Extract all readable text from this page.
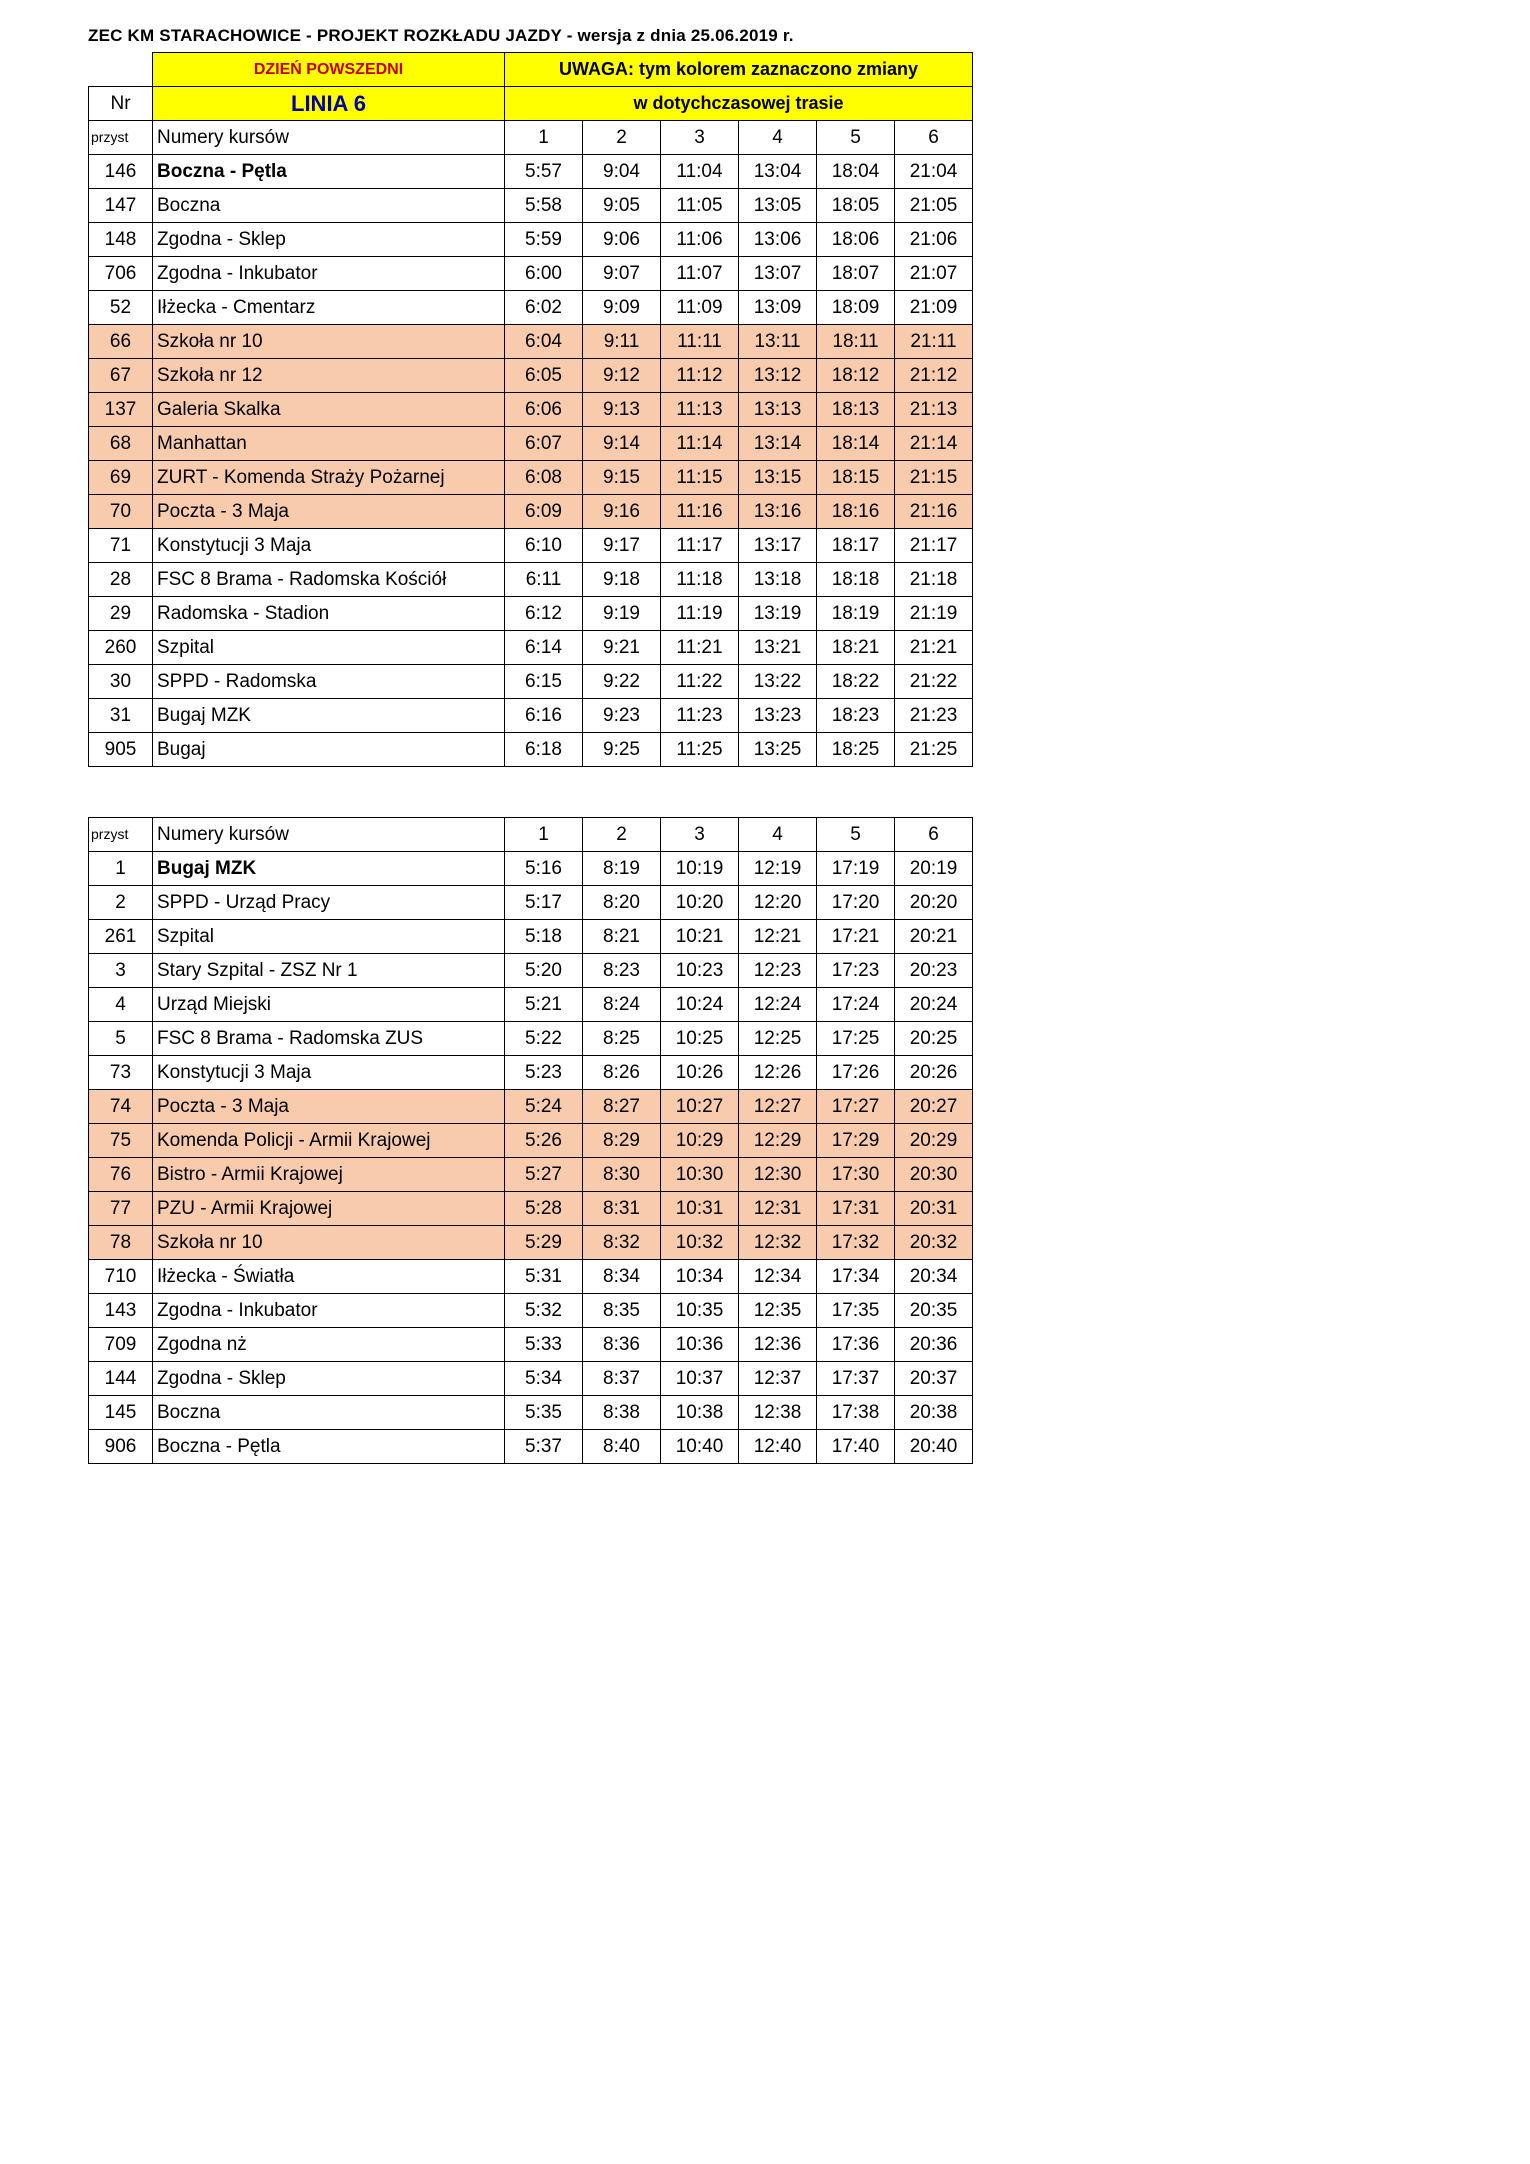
ZEC KM STARACHOWICE - PROJEKT ROZKŁADU JAZDY - wersja z dnia 25.06.2019 r.
	DZIEŃ POWSZEDNI	UWAGA: tym kolorem zaznaczono zmiany					
Nr	LINIA 6	w dotychczasowej trasie					
przyst	Numery kursów	1	2	3	4	5	6
146	Boczna - Pętla	5:57	9:04	11:04	13:04	18:04	21:04
147	Boczna	5:58	9:05	11:05	13:05	18:05	21:05
148	Zgodna - Sklep	5:59	9:06	11:06	13:06	18:06	21:06
706	Zgodna - Inkubator	6:00	9:07	11:07	13:07	18:07	21:07
52	Iłżecka - Cmentarz	6:02	9:09	11:09	13:09	18:09	21:09
66	Szkoła nr 10	6:04	9:11	11:11	13:11	18:11	21:11
67	Szkoła nr 12	6:05	9:12	11:12	13:12	18:12	21:12
137	Galeria Skalka	6:06	9:13	11:13	13:13	18:13	21:13
68	Manhattan	6:07	9:14	11:14	13:14	18:14	21:14
69	ZURT - Komenda Straży Pożarnej	6:08	9:15	11:15	13:15	18:15	21:15
70	Poczta - 3 Maja	6:09	9:16	11:16	13:16	18:16	21:16
71	Konstytucji 3 Maja	6:10	9:17	11:17	13:17	18:17	21:17
28	FSC 8 Brama - Radomska Kościół	6:11	9:18	11:18	13:18	18:18	21:18
29	Radomska - Stadion	6:12	9:19	11:19	13:19	18:19	21:19
260	Szpital	6:14	9:21	11:21	13:21	18:21	21:21
30	SPPD - Radomska	6:15	9:22	11:22	13:22	18:22	21:22
31	Bugaj MZK	6:16	9:23	11:23	13:23	18:23	21:23
905	Bugaj	6:18	9:25	11:25	13:25	18:25	21:25
przyst	Numery kursów	1	2	3	4	5	6
1	Bugaj MZK	5:16	8:19	10:19	12:19	17:19	20:19
2	SPPD - Urząd Pracy	5:17	8:20	10:20	12:20	17:20	20:20
261	Szpital	5:18	8:21	10:21	12:21	17:21	20:21
3	Stary Szpital - ZSZ Nr 1	5:20	8:23	10:23	12:23	17:23	20:23
4	Urząd Miejski	5:21	8:24	10:24	12:24	17:24	20:24
5	FSC 8 Brama - Radomska ZUS	5:22	8:25	10:25	12:25	17:25	20:25
73	Konstytucji 3 Maja	5:23	8:26	10:26	12:26	17:26	20:26
74	Poczta - 3 Maja	5:24	8:27	10:27	12:27	17:27	20:27
75	Komenda Policji - Armii Krajowej	5:26	8:29	10:29	12:29	17:29	20:29
76	Bistro - Armii Krajowej	5:27	8:30	10:30	12:30	17:30	20:30
77	PZU - Armii Krajowej	5:28	8:31	10:31	12:31	17:31	20:31
78	Szkoła nr 10	5:29	8:32	10:32	12:32	17:32	20:32
710	Iłżecka - Światła	5:31	8:34	10:34	12:34	17:34	20:34
143	Zgodna - Inkubator	5:32	8:35	10:35	12:35	17:35	20:35
709	Zgodna nż	5:33	8:36	10:36	12:36	17:36	20:36
144	Zgodna - Sklep	5:34	8:37	10:37	12:37	17:37	20:37
145	Boczna	5:35	8:38	10:38	12:38	17:38	20:38
906	Boczna - Pętla	5:37	8:40	10:40	12:40	17:40	20:40
